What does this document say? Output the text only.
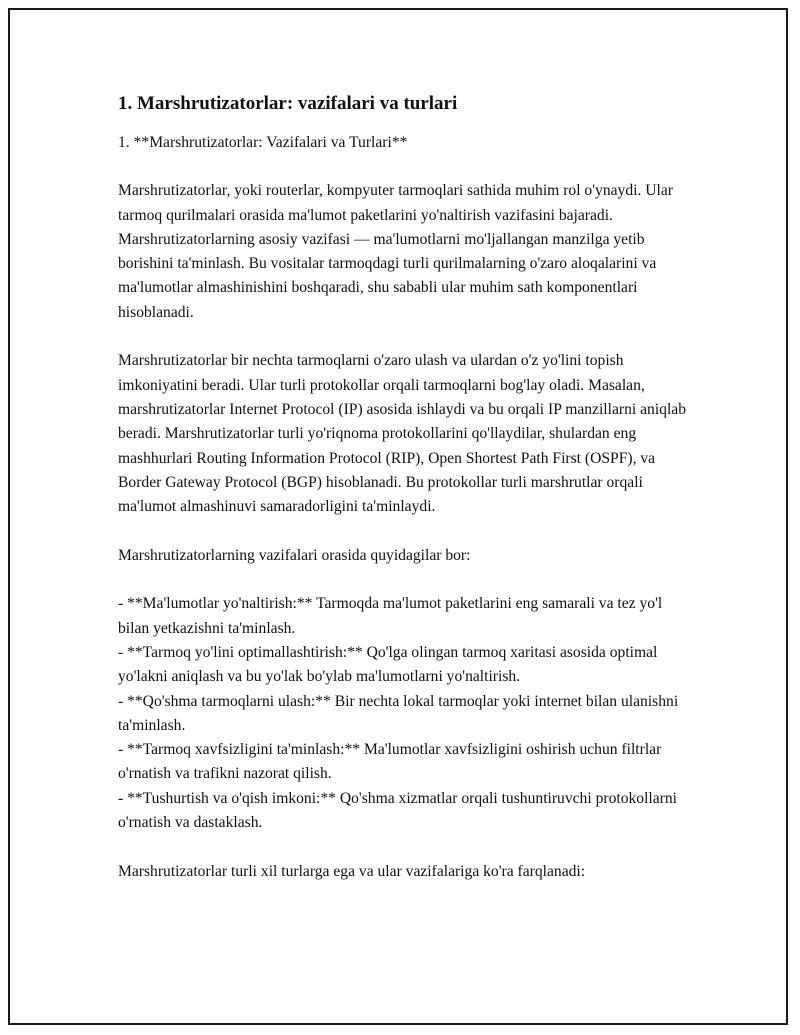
1. Marshrutizatorlar: vazifalari va turlari

1. **Marshrutizatorlar: Vazifalari va Turlari**

Marshrutizatorlar, yoki routerlar, kompyuter tarmoqlari sathida muhim rol o'ynaydi. Ular tarmoq qurilmalari orasida ma'lumot paketlarini yo'naltirish vazifasini bajaradi. Marshrutizatorlarning asosiy vazifasi — ma'lumotlarni mo'ljallangan manzilga yetib borishini ta'minlash. Bu vositalar tarmoqdagi turli qurilmalarning o'zaro aloqalarini va ma'lumotlar almashinishini boshqaradi, shu sababli ular muhim sath komponentlari hisoblanadi.

Marshrutizatorlar bir nechta tarmoqlarni o'zaro ulash va ulardan o'z yo'lini topish imkoniyatini beradi. Ular turli protokollar orqali tarmoqlarni bog'lay oladi. Masalan, marshrutizatorlar Internet Protocol (IP) asosida ishlaydi va bu orqali IP manzillarni aniqlab beradi. Marshrutizatorlar turli yo'riqnoma protokollarini qo'llaydilar, shulardan eng mashhurlari Routing Information Protocol (RIP), Open Shortest Path First (OSPF), va Border Gateway Protocol (BGP) hisoblanadi. Bu protokollar turli marshrutlar orqali ma'lumot almashinuvi samaradorligini ta'minlaydi.

Marshrutizatorlarning vazifalari orasida quyidagilar bor:

- **Ma'lumotlar yo'naltirish:** Tarmoqda ma'lumot paketlarini eng samarali va tez yo'l bilan yetkazishni ta'minlash.
- **Tarmoq yo'lini optimallashtirish:** Qo'lga olingan tarmoq xaritasi asosida optimal yo'lakni aniqlash va bu yo'lak bo'ylab ma'lumotlarni yo'naltirish.
- **Qo'shma tarmoqlarni ulash:** Bir nechta lokal tarmoqlar yoki internet bilan ulanishni ta'minlash.
- **Tarmoq xavfsizligini ta'minlash:** Ma'lumotlar xavfsizligini oshirish uchun filtrlar o'rnatish va trafikni nazorat qilish.
- **Tushurtish va o'qish imkoni:** Qo'shma xizmatlar orqali tushuntiruvchi protokollarni o'rnatish va dastaklash.

Marshrutizatorlar turli xil turlarga ega va ular vazifalariga ko'ra farqlanadi:
